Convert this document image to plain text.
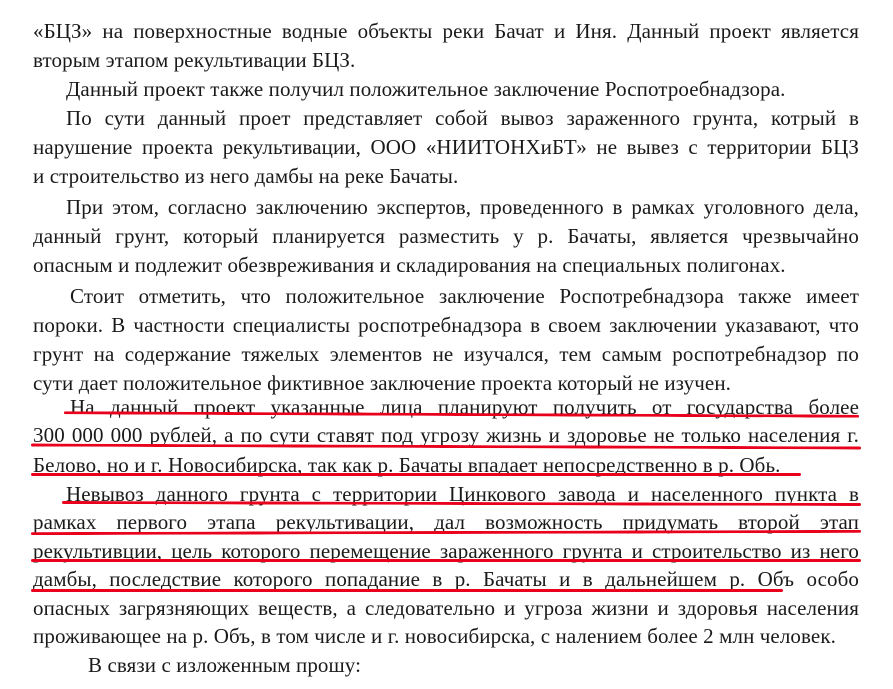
«БЦЗ» на поверхностные водные объекты реки Бачат и Иня. Данный проект является
вторым этапом рекультивации БЦЗ.
Данный проект также получил положительное заключение Роспотроебнадзора.
По сути данный проет представляет собой вывоз зараженного грунта, котрый в
нарушение проекта рекультивации, ООО «НИИТОНХиБТ» не вывез с территории БЦЗ
и строительство из него дамбы на реке Бачаты.
При этом, согласно заключению экспертов, проведенного в рамках уголовного дела,
данный грунт, который планируется разместить у р. Бачаты, является чрезвычайно
опасным и подлежит обезвреживания и складирования на специальных полигонах.
Стоит отметить, что положительное заключение Роспотребнадзора также имеет
пороки. В частности специалисты роспотребнадзора в своем заключении указавают, что
грунт на содержание тяжелых элементов не изучался, тем самым роспотребнадзор по
сути дает положительное фиктивное заключение проекта который не изучен.
На данный проект указанные лица планируют получить от государства более
300 000 000 рублей, а по сути ставят под угрозу жизнь и здоровье не только населения г.
Белово, но и г. Новосибирска, так как р. Бачаты впадает непосредственно в р. Обь.
Невывоз данного грунта с территории Цинкового завода и населенного пункта в
рамках первого этапа рекультивации, дал возможность придумать второй этап
рекультивции, цель которого перемещение зараженного грунта и строительство из него
дамбы, последствие которого попадание в р. Бачаты и в дальнейшем р. Объ особо
опасных загрязняющих веществ, а следовательно и угроза жизни и здоровья населения
проживающее на р. Объ, в том числе и г. новосибирска, с налением более 2 млн человек.
В связи с изложенным прошу:
